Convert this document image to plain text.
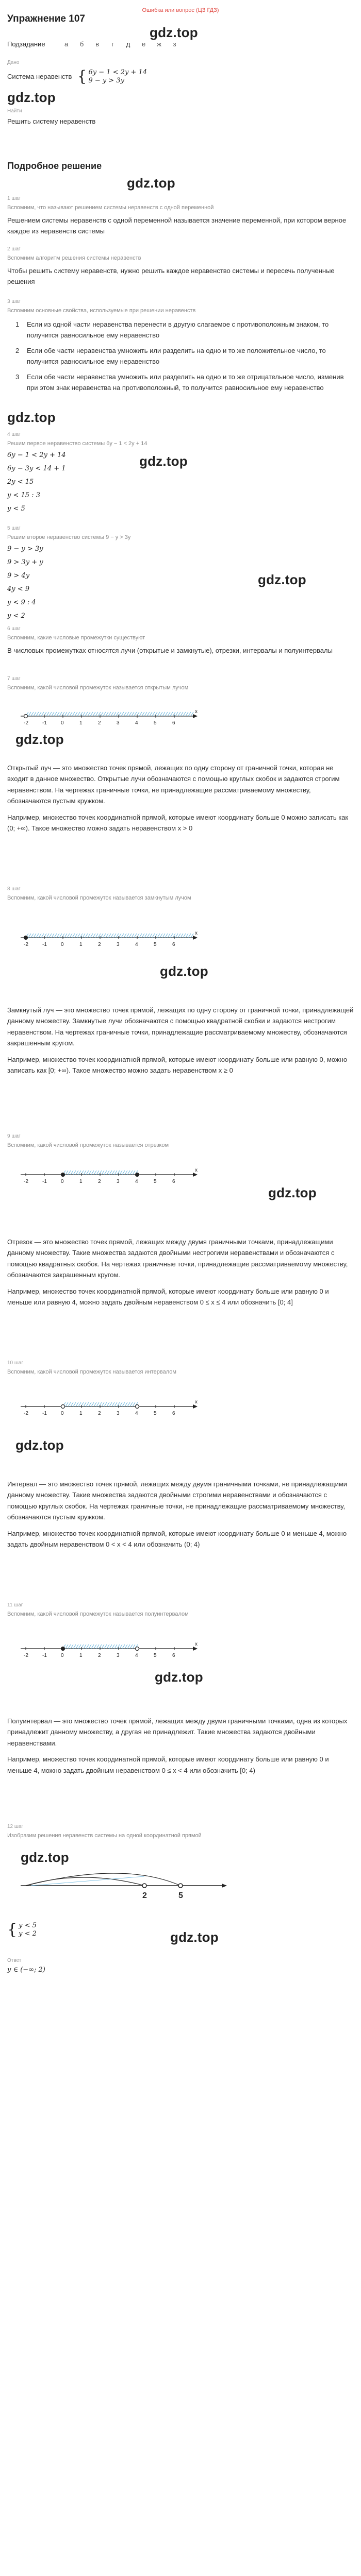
Ошибка или вопрос (ЦЗ ГДЗ)
Упражнение 107
gdz.top
Подзадание	а	б	в	г	д	е	ж	з
Дано
Система неравенств { 6y − 1 < 2y + 14
9 − y > 3y
gdz.top
Найти
Решить систему неравенств
Подробное решение
gdz.top
1 шаг
Вспомним, что называют решением системы неравенств с одной переменной
Решением системы неравенств с одной переменной называется значение переменной, при котором верное каждое из неравенств системы
2 шаг
Вспомним алгоритм решения системы неравенств
Чтобы решить систему неравенств, нужно решить каждое неравенство системы и пересечь полученные решения
3 шаг
Вспомним основные свойства, используемые при решении неравенств
1 Если из одной части неравенства перенести в другую слагаемое с противоположным знаком, то получится равносильное ему неравенство
2 Если обе части неравенства умножить или разделить на одно и то же положительное число, то получится равносильное ему неравенство
3 Если обе части неравенства умножить или разделить на одно и то же отрицательное число, изменив при этом знак неравенства на противоположный, то получится равносильное ему неравенство
gdz.top
4 шаг
Решим первое неравенство системы 6y − 1 < 2y + 14
6y − 1 < 2y + 14
6y − 3y < 14 + 1
2y < 15
y < 15 : 3
y < 5
gdz.top
5 шаг
Решим второе неравенство системы 9 − y > 3y
9 − y > 3y
9 > 3y + y
9 > 4y
4y < 9
y < 9 : 4
y < 2
gdz.top
6 шаг
Вспомним, какие числовые промежутки существуют
В числовых промежутках относятся лучи (открытые и замкнутые), отрезки, интервалы и полуинтервалы
7 шаг
Вспомним, какой числовой промежуток называется открытым лучом
x
-2	-1	0	1	2	3	4	5	6
gdz.top
Открытый луч — это множество точек прямой, лежащих по одну сторону от граничной точки, которая не входит в данное множество. Открытые лучи обозначаются с помощью круглых скобок и задаются строгим неравенством. На чертежах граничные точки, не принадлежащие рассматриваемому множеству, обозначаются пустым кружком.
Например, множество точек координатной прямой, которые имеют координату больше 0 можно записать как (0; +∞). Такое множество можно задать неравенством x > 0
8 шаг
Вспомним, какой числовой промежуток называется замкнутым лучом
x
-2	-1	0	1	2	3	4	5	6
gdz.top
Замкнутый луч — это множество точек прямой, лежащих по одну сторону от граничной точки, принадлежащей данному множеству. Замкнутые лучи обозначаются с помощью квадратной скобки и задаются нестрогим неравенством. На чертежах граничные точки, принадлежащие рассматриваемому множеству, обозначаются закрашенным кругом.
Например, множество точек координатной прямой, которые имеют координату больше или равную 0, можно записать как [0; +∞). Такое множество можно задать неравенством x ≥ 0
9 шаг
Вспомним, какой числовой промежуток называется отрезком
x
-2	-1	0	1	2	3	4	5	6
gdz.top
Отрезок — это множество точек прямой, лежащих между двумя граничными точками, принадлежащими данному множеству. Такие множества задаются двойными нестрогими неравенствами и обозначаются с помощью квадратных скобок. На чертежах граничные точки, принадлежащие рассматриваемому множеству, обозначаются закрашенным кругом.
Например, множество точек координатной прямой, которые имеют координату больше или равную 0 и меньше или равную 4, можно задать двойным неравенством 0 ≤ x ≤ 4 или обозначить [0; 4]
10 шаг
Вспомним, какой числовой промежуток называется интервалом
x
-2	-1	0	1	2	3	4	5	6
gdz.top
Интервал — это множество точек прямой, лежащих между двумя граничными точками, не принадлежащими данному множеству. Такие множества задаются двойными строгими неравенствами и обозначаются с помощью круглых скобок. На чертежах граничные точки, не принадлежащие рассматриваемому множеству, обозначаются пустым кружком.
Например, множество точек координатной прямой, которые имеют координату больше 0 и меньше 4, можно задать двойным неравенством 0 < x < 4 или обозначить (0; 4)
11 шаг
Вспомним, какой числовой промежуток называется полуинтервалом
x
-2	-1	0	1	2	3	4	5	6
gdz.top
Полуинтервал — это множество точек прямой, лежащих между двумя граничными точками, одна из которых принадлежит данному множеству, а другая не принадлежит. Такие множества задаются двойными неравенствами.
Например, множество точек координатной прямой, которые имеют координату больше или равную 0 и меньше 4, можно задать двойным неравенством 0 ≤ x < 4 или обозначить [0; 4)
12 шаг
Изобразим решения неравенств системы на одной координатной прямой
gdz.top
2	5
{ y < 5
y < 2	gdz.top
Ответ
y ∈ (−∞; 2)
